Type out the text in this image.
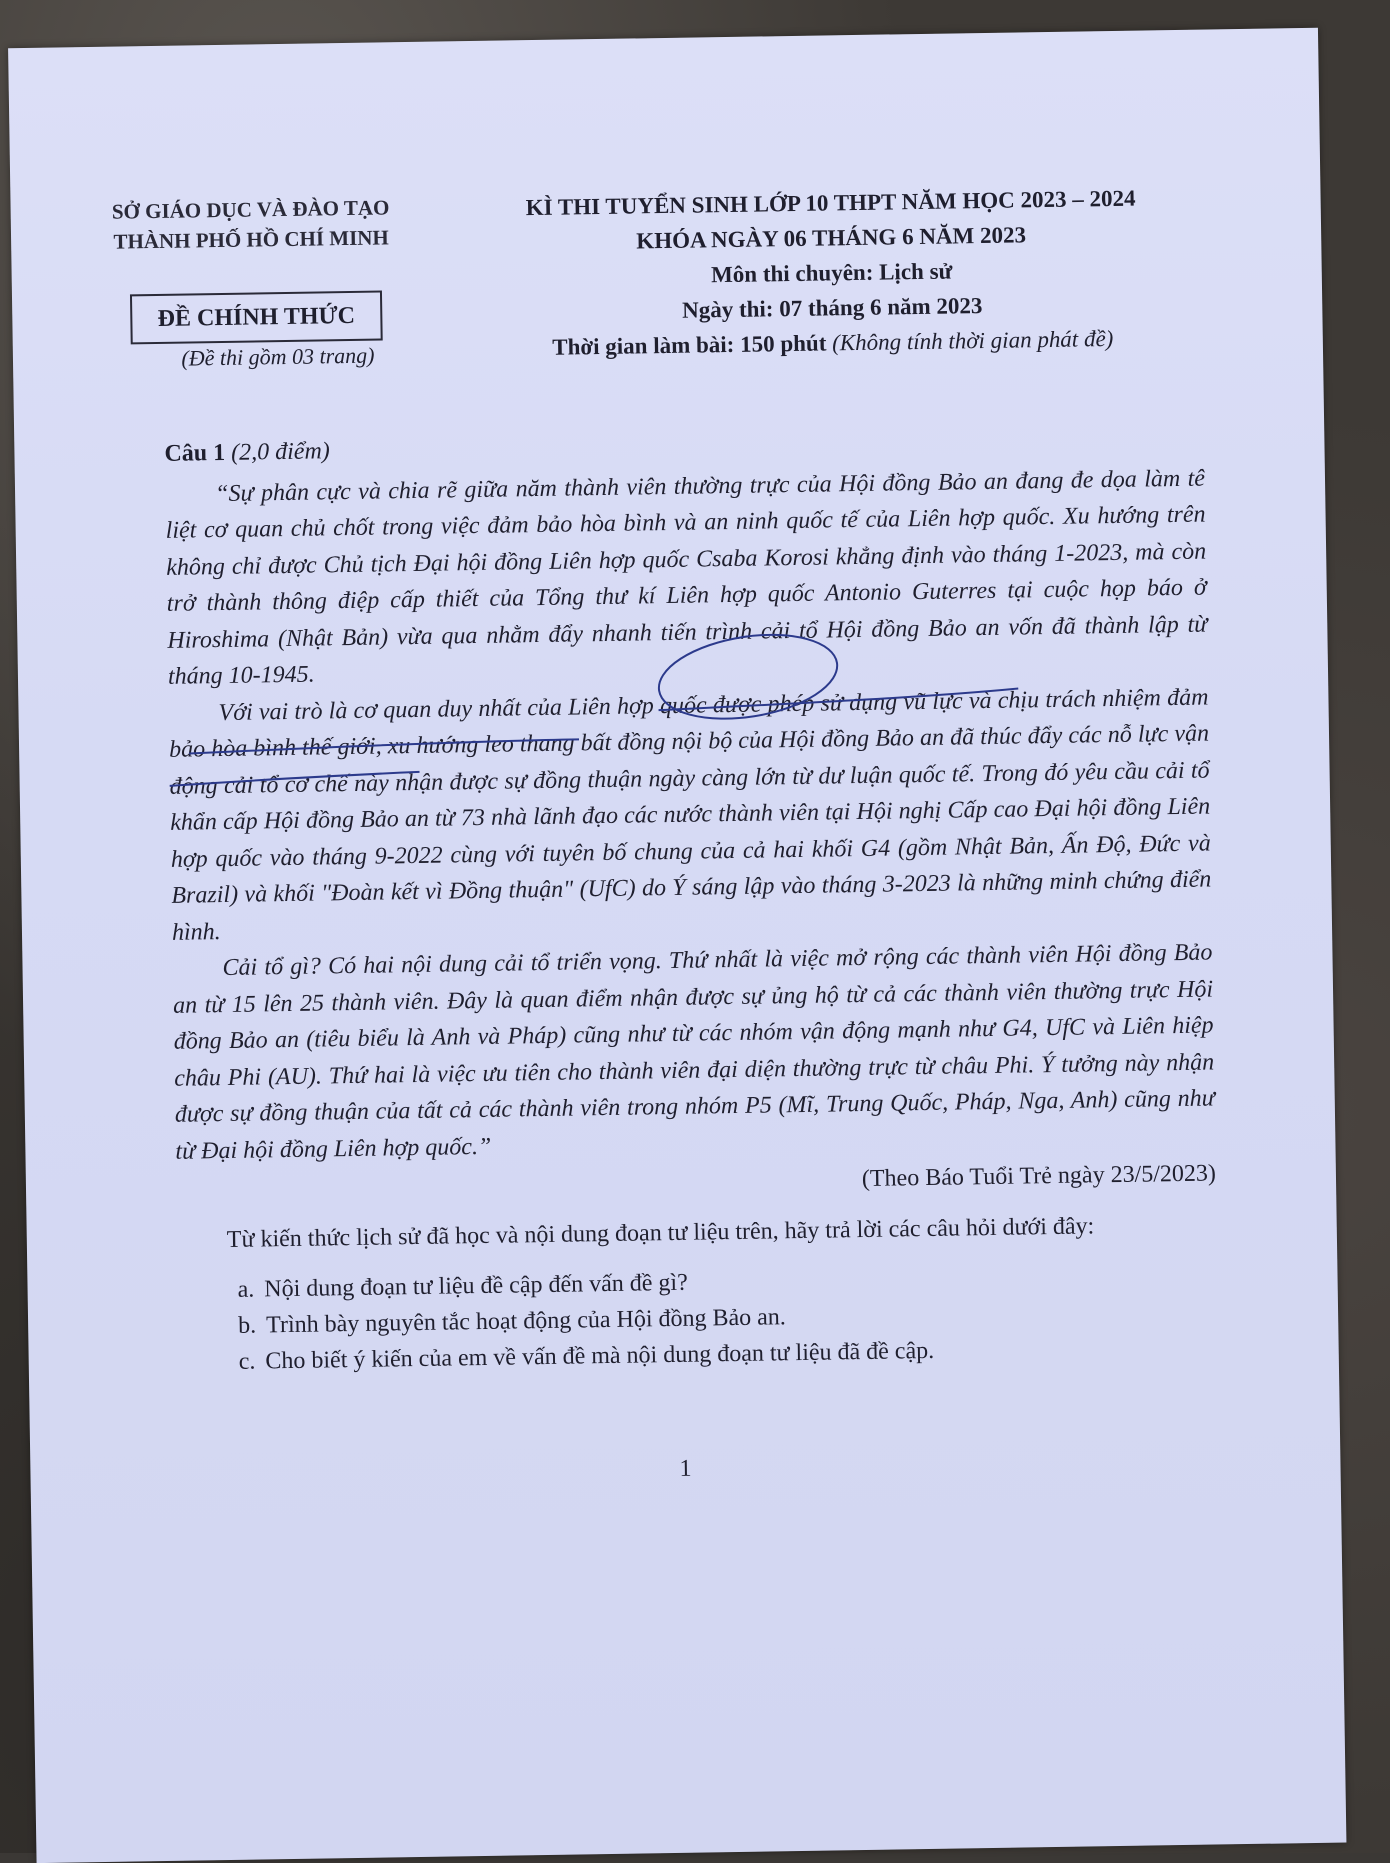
SỞ GIÁO DỤC VÀ ĐÀO TẠO
THÀNH PHỐ HỒ CHÍ MINH
ĐỀ CHÍNH THỨC
(Đề thi gồm 03 trang)
KÌ THI TUYỂN SINH LỚP 10 THPT NĂM HỌC 2023 – 2024
KHÓA NGÀY 06 THÁNG 6 NĂM 2023
Môn thi chuyên: Lịch sử
Ngày thi: 07 tháng 6 năm 2023
Thời gian làm bài: 150 phút (Không tính thời gian phát đề)
Câu 1 (2,0 điểm)

“Sự phân cực và chia rẽ giữa năm thành viên thường trực của Hội đồng Bảo an đang đe dọa làm tê liệt cơ quan chủ chốt trong việc đảm bảo hòa bình và an ninh quốc tế của Liên hợp quốc. Xu hướng trên không chỉ được Chủ tịch Đại hội đồng Liên hợp quốc Csaba Korosi khẳng định vào tháng 1-2023, mà còn trở thành thông điệp cấp thiết của Tổng thư kí Liên hợp quốc Antonio Guterres tại cuộc họp báo ở Hiroshima (Nhật Bản) vừa qua nhằm đẩy nhanh tiến trình cải tổ Hội đồng Bảo an vốn đã thành lập từ tháng 10-1945.

Với vai trò là cơ quan duy nhất của Liên hợp quốc được phép sử dụng vũ lực và chịu trách nhiệm đảm bảo hòa bình thế giới, xu hướng leo thang bất đồng nội bộ của Hội đồng Bảo an đã thúc đẩy các nỗ lực vận động cải tổ cơ chế này nhận được sự đồng thuận ngày càng lớn từ dư luận quốc tế. Trong đó yêu cầu cải tổ khẩn cấp Hội đồng Bảo an từ 73 nhà lãnh đạo các nước thành viên tại Hội nghị Cấp cao Đại hội đồng Liên hợp quốc vào tháng 9-2022 cùng với tuyên bố chung của cả hai khối G4 (gồm Nhật Bản, Ấn Độ, Đức và Brazil) và khối "Đoàn kết vì Đồng thuận" (UfC) do Ý sáng lập vào tháng 3-2023 là những minh chứng điển hình.

Cải tổ gì? Có hai nội dung cải tổ triển vọng. Thứ nhất là việc mở rộng các thành viên Hội đồng Bảo an từ 15 lên 25 thành viên. Đây là quan điểm nhận được sự ủng hộ từ cả các thành viên thường trực Hội đồng Bảo an (tiêu biểu là Anh và Pháp) cũng như từ các nhóm vận động mạnh như G4, UfC và Liên hiệp châu Phi (AU). Thứ hai là việc ưu tiên cho thành viên đại diện thường trực từ châu Phi. Ý tưởng này nhận được sự đồng thuận của tất cả các thành viên trong nhóm P5 (Mĩ, Trung Quốc, Pháp, Nga, Anh) cũng như từ Đại hội đồng Liên hợp quốc.”

(Theo Báo Tuổi Trẻ ngày 23/5/2023)
Từ kiến thức lịch sử đã học và nội dung đoạn tư liệu trên, hãy trả lời các câu hỏi dưới đây:
a. Nội dung đoạn tư liệu đề cập đến vấn đề gì?
b. Trình bày nguyên tắc hoạt động của Hội đồng Bảo an.
c. Cho biết ý kiến của em về vấn đề mà nội dung đoạn tư liệu đã đề cập.
1
